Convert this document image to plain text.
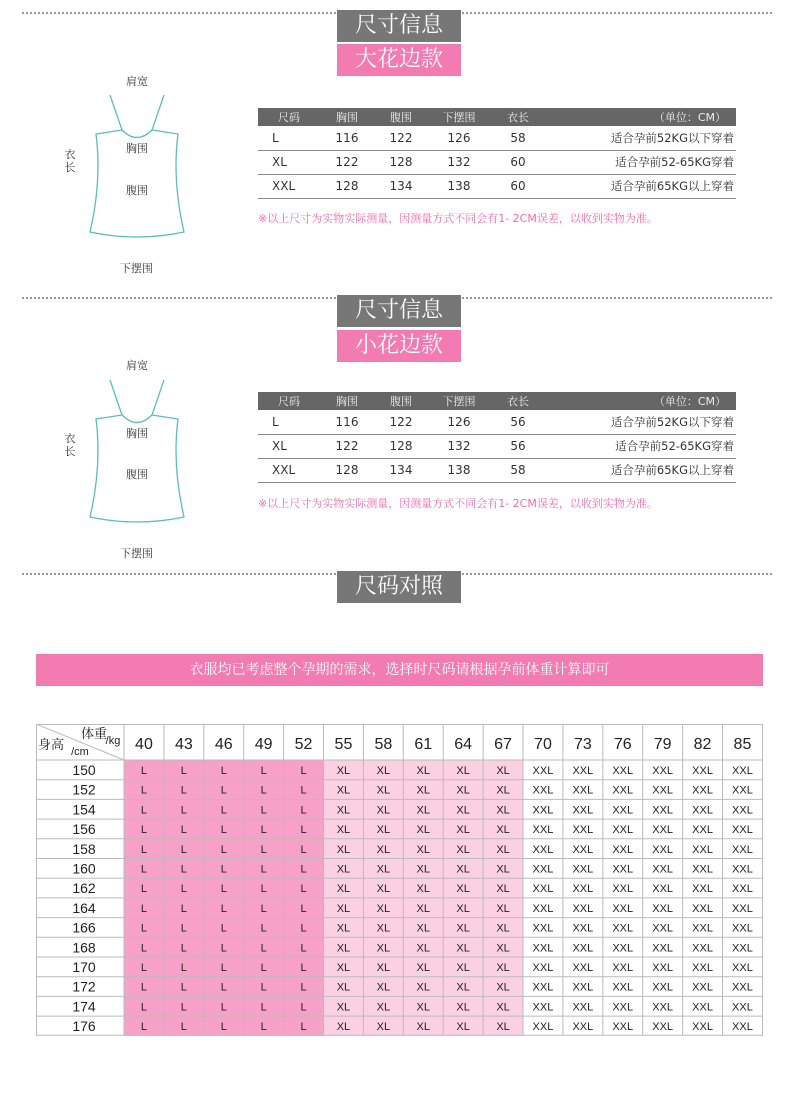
尺寸信息
大花边款
肩宽
衣长
胸围
腹围
下摆围
尺码	胸围	腹围	下摆围	衣长	（单位：CM）
L	116	122	126	58	适合孕前52KG以下穿着
XL	122	128	132	60	适合孕前52-65KG穿着
XXL	128	134	138	60	适合孕前65KG以上穿着
※以上尺寸为实物实际测量，因测量方式不同会有1- 2CM误差，以收到实物为准。
尺寸信息
小花边款
肩宽
衣长
胸围
腹围
下摆围
尺码	胸围	腹围	下摆围	衣长	（单位：CM）
L	116	122	126	56	适合孕前52KG以下穿着
XL	122	128	132	56	适合孕前52-65KG穿着
XXL	128	134	138	58	适合孕前65KG以上穿着
※以上尺寸为实物实际测量，因测量方式不同会有1- 2CM误差，以收到实物为准。
尺码对照
衣服均已考虑整个孕期的需求，选择时尺码请根据孕前体重计算即可
体重
/kg
身高 /cm	40 43 46 49 52 55 58 61 64 67 70 73 76 79 82 85
150	L	L	L	L	L	XL XL XL XL XL XXL XXL XXL XXL XXL XXL
152	L	L	L	L	L	XL XL XL XL XL XXL XXL XXL XXL XXL XXL
154	L	L	L	L	L	XL XL XL XL XL XXL XXL XXL XXL XXL XXL
156	L	L	L	L	L	XL XL XL XL XL XXL XXL XXL XXL XXL XXL
158	L	L	L	L	L	XL XL XL XL XL XXL XXL XXL XXL XXL XXL
160	L	L	L	L	L	XL XL XL XL XL XXL XXL XXL XXL XXL XXL
162	L	L	L	L	L	XL XL XL XL XL XXL XXL XXL XXL XXL XXL
164	L	L	L	L	L	XL XL XL XL XL XXL XXL XXL XXL XXL XXL
166	L	L	L	L	L	XL XL XL XL XL XXL XXL XXL XXL XXL XXL
168	L	L	L	L	L	XL XL XL XL XL XXL XXL XXL XXL XXL XXL
170	L	L	L	L	L	XL XL XL XL XL XXL XXL XXL XXL XXL XXL
172	L	L	L	L	L	XL XL XL XL XL XXL XXL XXL XXL XXL XXL
174	L	L	L	L	L	XL XL XL XL XL XXL XXL XXL XXL XXL XXL
176	L	L	L	L	L	XL XL XL XL XL XXL XXL XXL XXL XXL XXL
